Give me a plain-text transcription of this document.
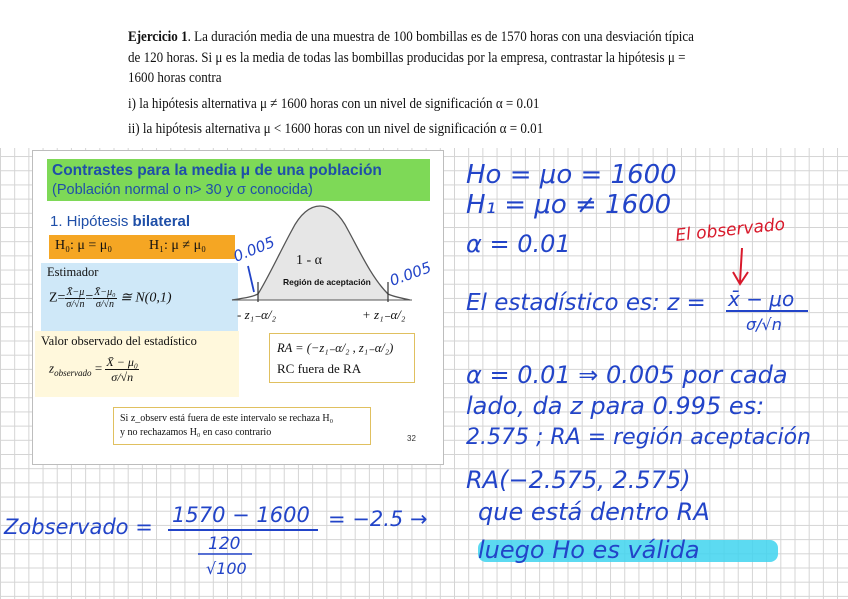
Ejercicio 1. La duración media de una muestra de 100 bombillas es de 1570 horas con una desviación típica
de 120 horas. Si μ es la media de todas las bombillas producidas por la empresa, contrastar la hipótesis μ =
1600 horas contra
i) la hipótesis alternativa μ ≠ 1600 horas con un nivel de significación α = 0.01
ii) la hipótesis alternativa μ < 1600 horas con un nivel de significación α = 0.01
Contrastes para la media μ de una población
(Población normal o n> 30 y σ conocida)
1. Hipótesis bilateral
H₀: μ = μ₀	H₁: μ ≠ μ₀
Estimador
$Z= \frac{X̄-\mu}{\sigma/√n} = \frac{\text{X̄−μ₀}}{\sigma/√n}$ ≅ N(0,1)
Valor observado del estadístico
$z_{observado} = \frac{\text{X̄ − μ₀}}{\sigma/√n}$
RA = (−z₁₋α/₂ , z₁₋α/₂)
RC fuera de RA
Si z_observ está fuera de este intervalo se rechaza H₀
y no rechazamos H₀ en caso contrario
32
1 - α
Región de aceptación
- z₁₋α/₂	+ z₁₋α/₂
0.005
0.005
Ho = μo = 1600
H₁ = μo ≠ 1600
α = 0.01	El observado
El estadístico es: z = x̄ − μo
σ/√n
α = 0.01 ⇒ 0.005 por cada
lado, da z para 0.995 es:
2.575 ; RA = región aceptación
RA(−2.575, 2.575)
Zobservado = 1570 − 1600
120
√100
= −2.5 → que está dentro RA
luego Ho es válida
